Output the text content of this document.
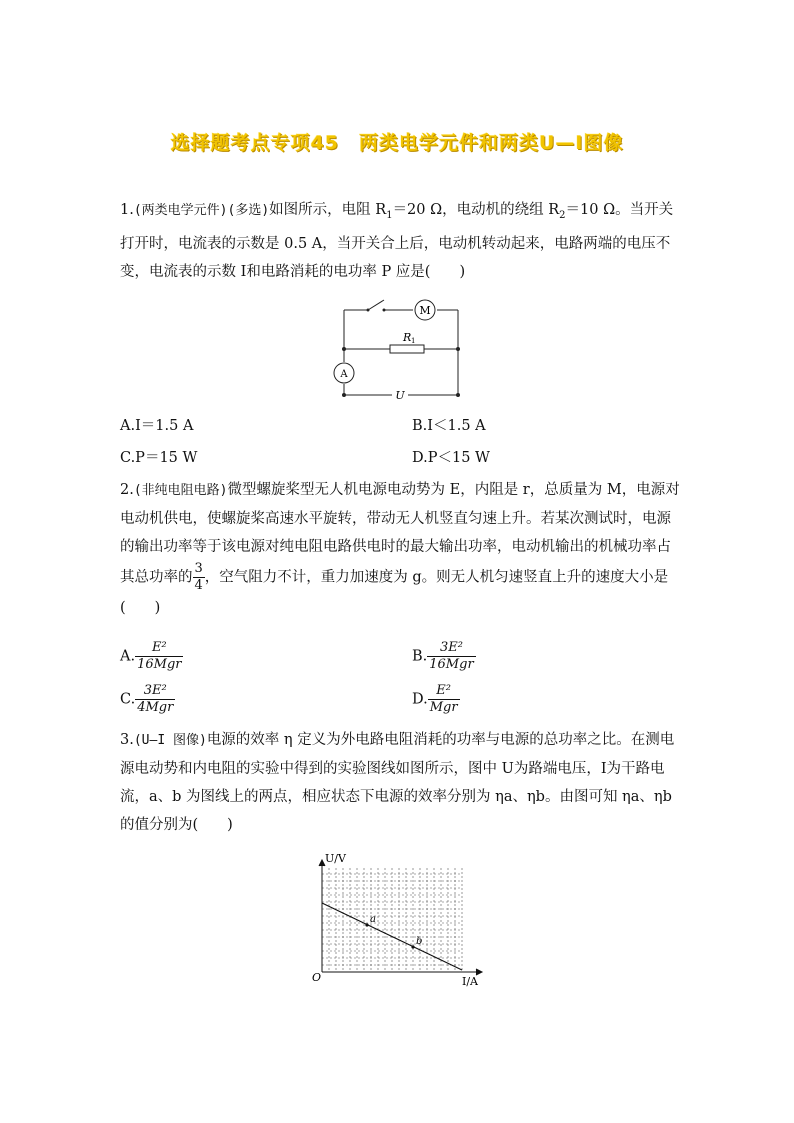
选择题考点专项45　两类电学元件和两类U—I图像

1.(两类电学元件)(多选)如图所示，电阻 $R_1=20$ Ω，电动机的绕组 $R_2=10$ Ω。当开关打开时，电流表的示数是 0.5 A，当开关合上后，电动机转动起来，电路两端的电压不变，电流表的示数 I和电路消耗的电功率 P 应是(　　)

M
R 1
A
U
A.I＝1.5 A	B.I＜1.5 A
C.P＝15 W	D.P＜15 W

2.(非纯电阻电路)微型螺旋桨型无人机电源电动势为 E，内阻是 r，总质量为 M，电源对电动机供电，使螺旋桨高速水平旋转，带动无人机竖直匀速上升。若某次测试时，电源的输出功率等于该电源对纯电阻电路供电时的最大输出功率，电动机输出的机械功率占其总功率的 $\frac{3}{4}$ ，空气阻力不计，重力加速度为 g。则无人机匀速竖直上升的速度大小是(　　)

A. $\frac{\text{E²}}{\text{16Mgr}}$	B. $\frac{\text{3E²}}{\text{16Mgr}}$
C. $\frac{\text{3E²}}{\text{4Mgr}}$	D. $\frac{\text{E²}}{\text{Mgr}}$

3.(U—I 图像)电源的效率 η 定义为外电路电阻消耗的功率与电源的总功率之比。在测电源电动势和内电阻的实验中得到的实验图线如图所示，图中 U为路端电压，I为干路电流，a、b 为图线上的两点，相应状态下电源的效率分别为 ηa、ηb。由图可知 ηa、ηb的值分别为(　　)

a
b
U/V
I/A
O
